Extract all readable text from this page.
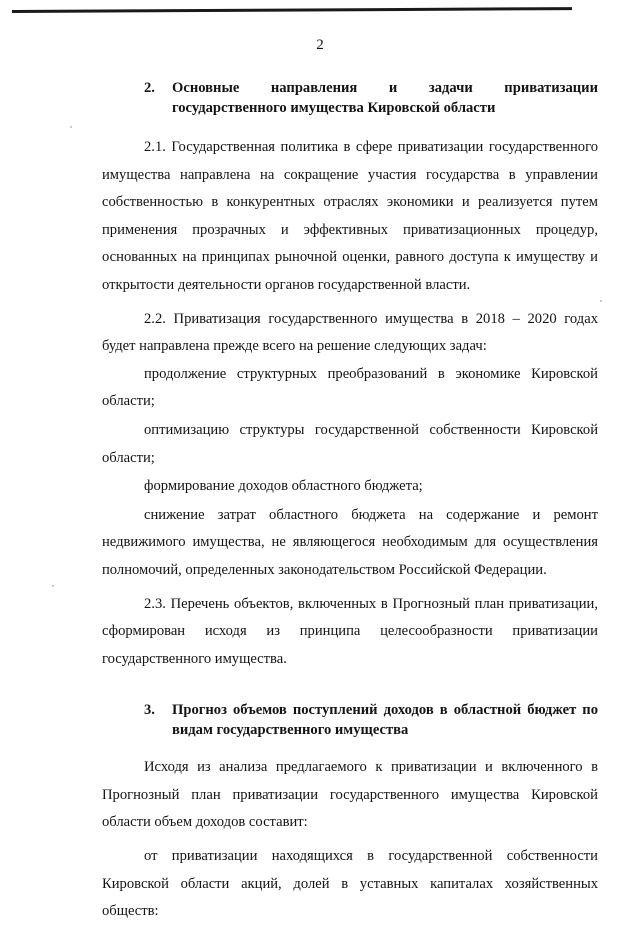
2
2.	Основные направления и задачи приватизации государственного имущества Кировской области

2.1. Государственная политика в сфере приватизации государственного имущества направлена на сокращение участия государства в управлении собственностью в конкурентных отраслях экономики и реализуется путем применения прозрачных и эффективных приватизационных процедур, основанных на принципах рыночной оценки, равного доступа к имуществу и открытости деятельности органов государственной власти.

2.2. Приватизация государственного имущества в 2018 – 2020 годах будет направлена прежде всего на решение следующих задач:

продолжение структурных преобразований в экономике Кировской области;

оптимизацию структуры государственной собственности Кировской области;

формирование доходов областного бюджета;

снижение затрат областного бюджета на содержание и ремонт недвижимого имущества, не являющегося необходимым для осуществления полномочий, определенных законодательством Российской Федерации.

2.3. Перечень объектов, включенных в Прогнозный план приватизации, сформирован исходя из принципа целесообразности приватизации государственного имущества.

3.	Прогноз объемов поступлений доходов в областной бюджет по видам государственного имущества

Исходя из анализа предлагаемого к приватизации и включенного в Прогнозный план приватизации государственного имущества Кировской области объем доходов составит:

от приватизации находящихся в государственной собственности Кировской области акций, долей в уставных капиталах хозяйственных обществ:
